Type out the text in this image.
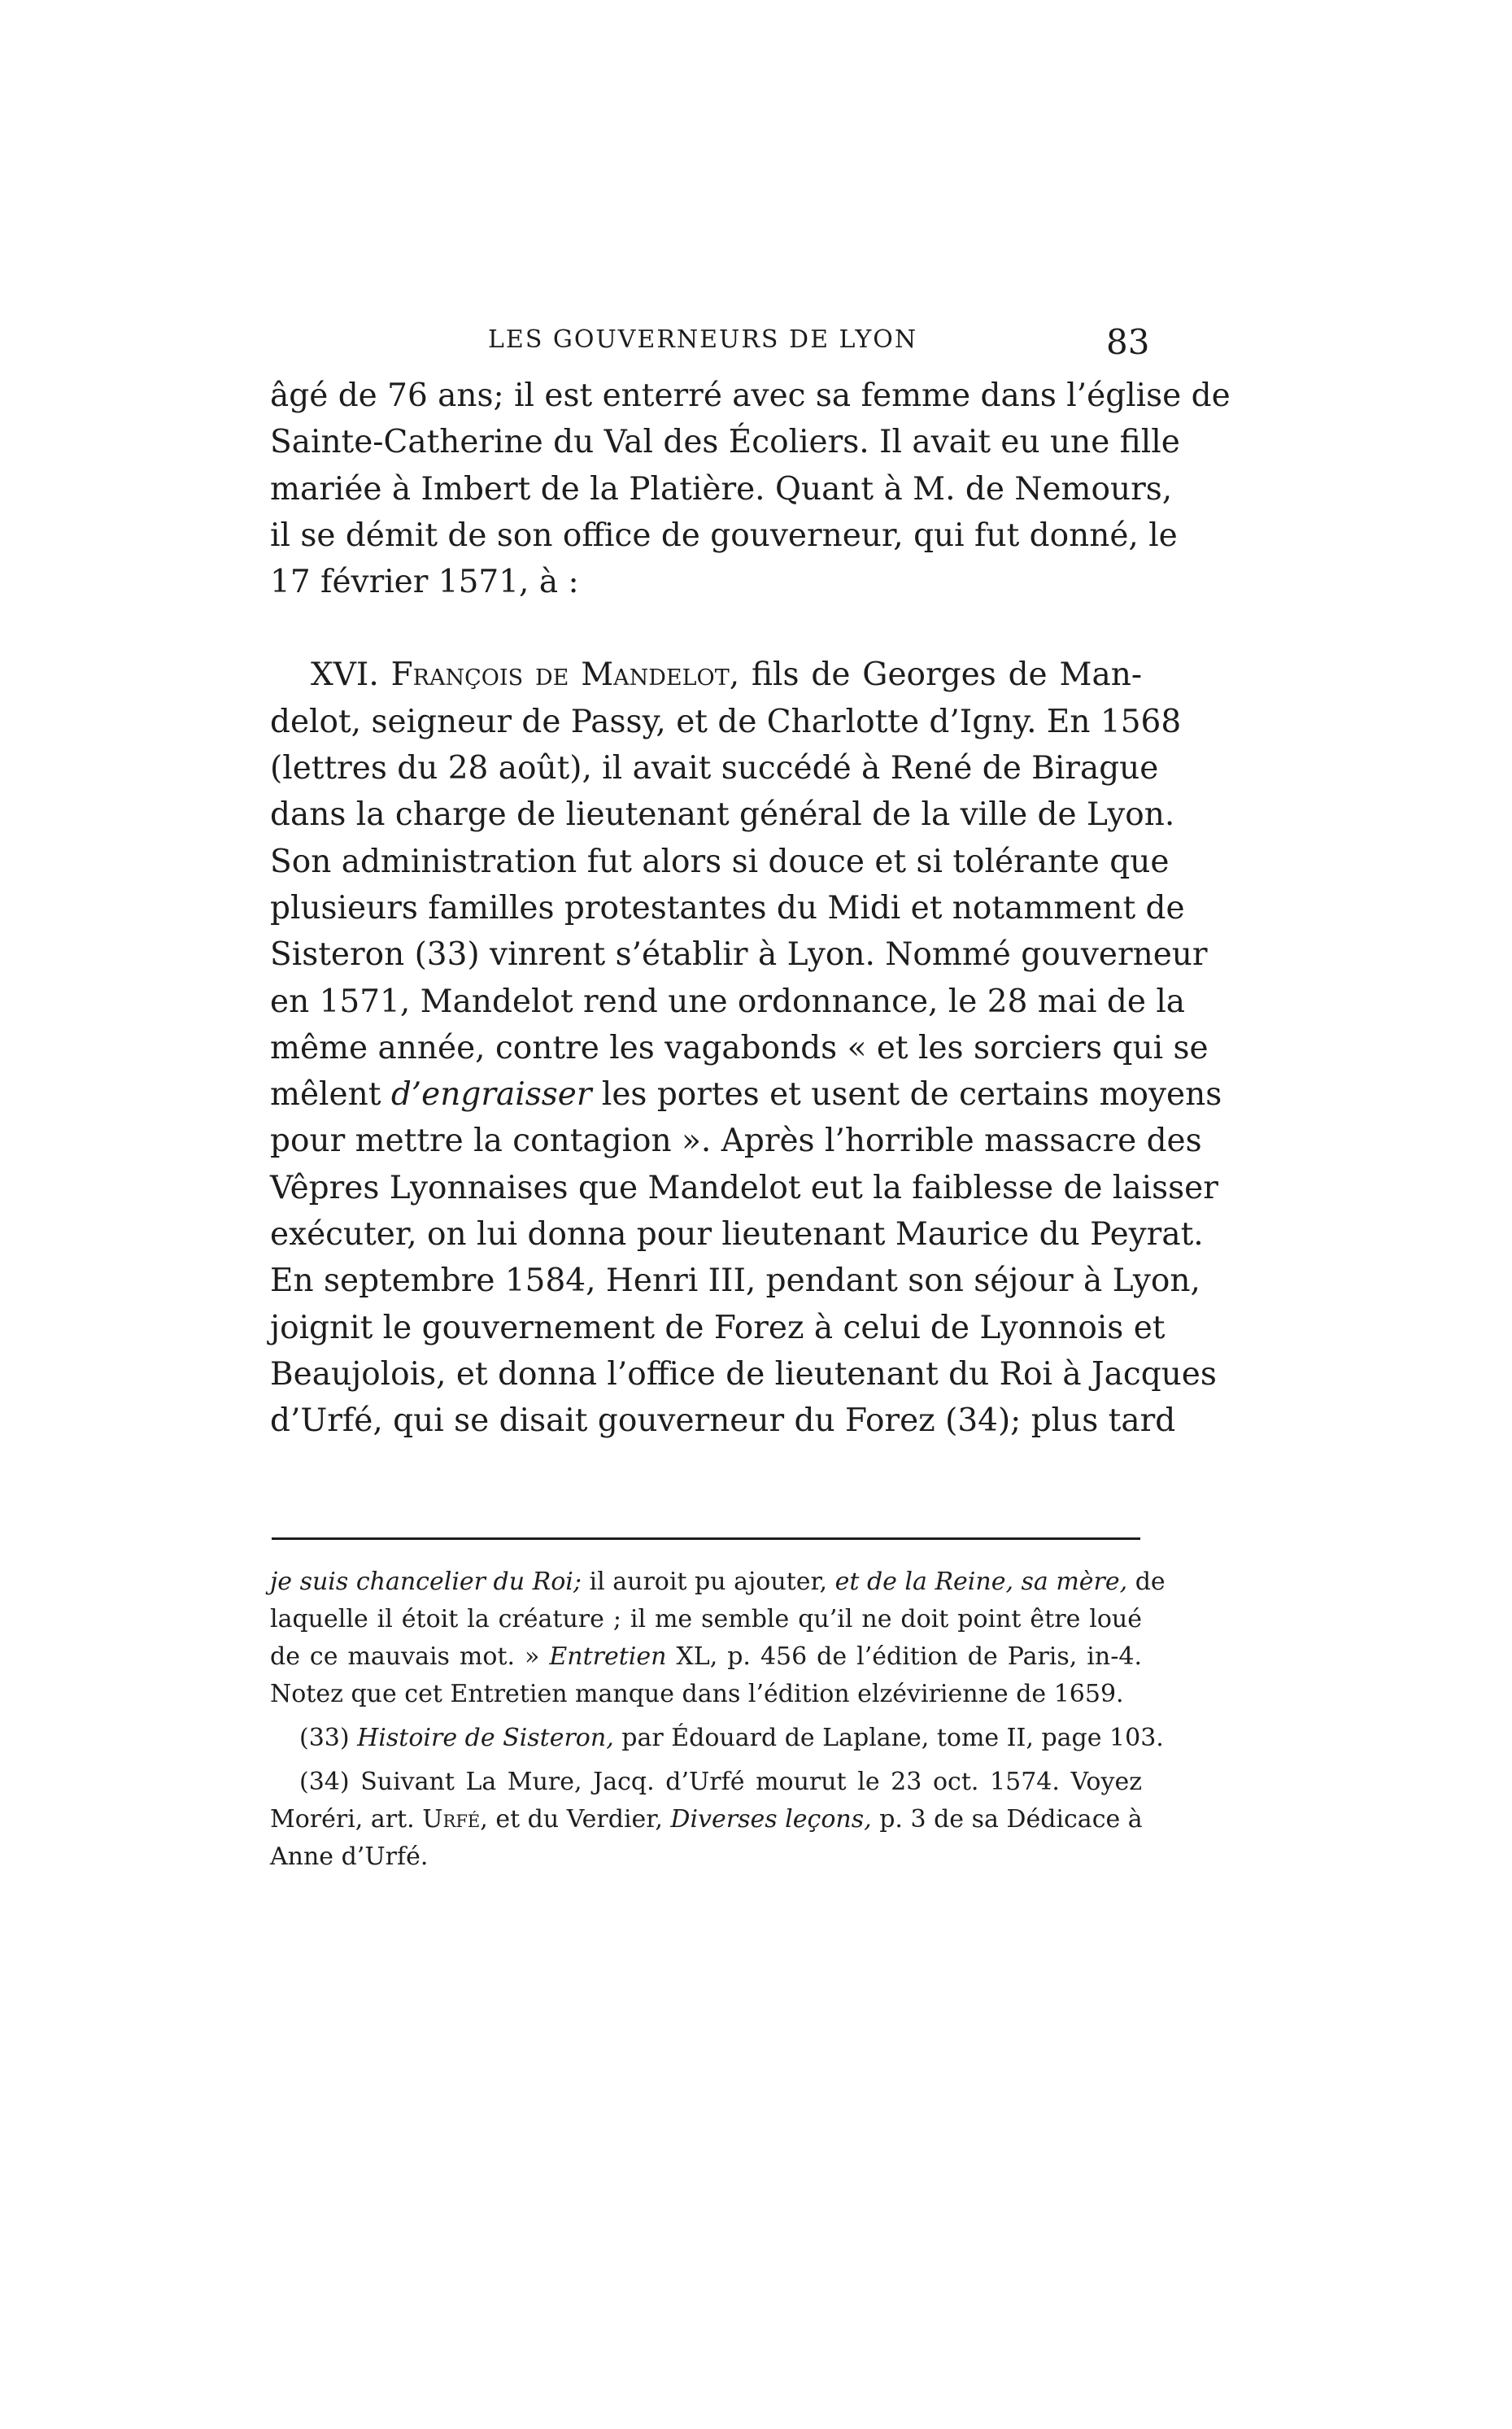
LES GOUVERNEURS DE LYON	83
âgé de 76 ans; il est enterré avec sa femme dans l’église de
Sainte-Catherine du Val des Écoliers. Il avait eu une fille
mariée à Imbert de la Platière. Quant à M. de Nemours,
il se démit de son office de gouverneur, qui fut donné, le
17 février 1571, à :
XVI. François de Mandelot, fils de Georges de Man-
delot, seigneur de Passy, et de Charlotte d’Igny. En 1568
(lettres du 28 août), il avait succédé à René de Birague
dans la charge de lieutenant général de la ville de Lyon.
Son administration fut alors si douce et si tolérante que
plusieurs familles protestantes du Midi et notamment de
Sisteron (33) vinrent s’établir à Lyon. Nommé gouverneur
en 1571, Mandelot rend une ordonnance, le 28 mai de la
même année, contre les vagabonds « et les sorciers qui se
mêlent d’engraisser les portes et usent de certains moyens
pour mettre la contagion ». Après l’horrible massacre des
Vêpres Lyonnaises que Mandelot eut la faiblesse de laisser
exécuter, on lui donna pour lieutenant Maurice du Peyrat.
En septembre 1584, Henri III, pendant son séjour à Lyon,
joignit le gouvernement de Forez à celui de Lyonnois et
Beaujolois, et donna l’office de lieutenant du Roi à Jacques
d’Urfé, qui se disait gouverneur du Forez (34); plus tard
je suis chancelier du Roi; il auroit pu ajouter, et de la Reine, sa mère, de
laquelle il étoit la créature ; il me semble qu’il ne doit point être loué
de ce mauvais mot. » Entretien XL, p. 456 de l’édition de Paris, in-4.
Notez que cet Entretien manque dans l’édition elzévirienne de 1659.
(33) Histoire de Sisteron, par Édouard de Laplane, tome II, page 103.
(34) Suivant La Mure, Jacq. d’Urfé mourut le 23 oct. 1574. Voyez
Moréri, art. Urfé, et du Verdier, Diverses leçons, p. 3 de sa Dédicace à
Anne d’Urfé.
